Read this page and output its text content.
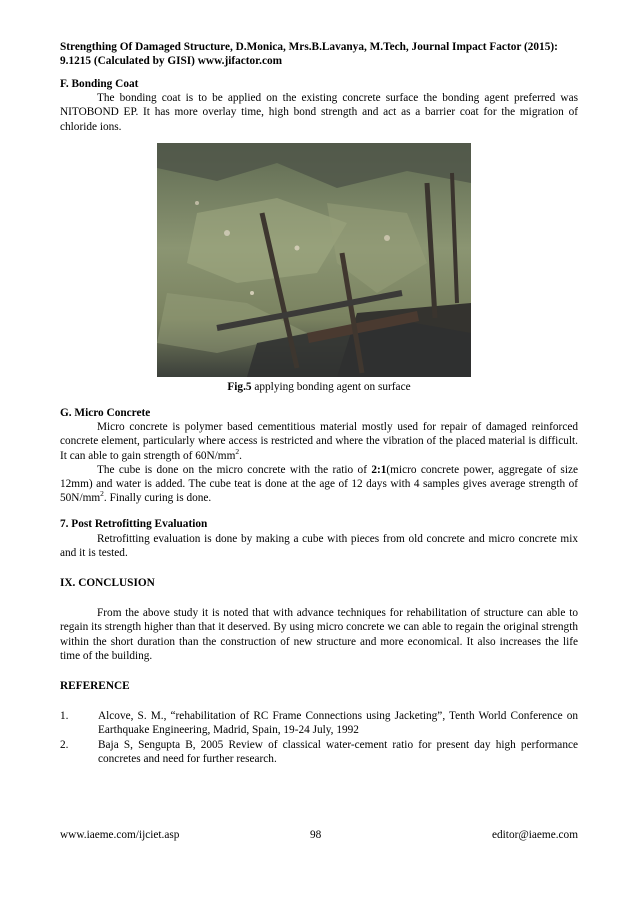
Strengthing Of Damaged Structure, D.Monica, Mrs.B.Lavanya, M.Tech, Journal Impact Factor (2015): 9.1215 (Calculated by GISI) www.jifactor.com
F. Bonding Coat

The bonding coat is to be applied on the existing concrete surface the bonding agent preferred was NITOBOND EP. It has more overlay time, high bond strength and act as a barrier coat for the migration of chloride ions.

Fig.5 applying bonding agent on surface
G. Micro Concrete

Micro concrete is polymer based cementitious material mostly used for repair of damaged reinforced concrete element, particularly where access is restricted and where the vibration of the placed material is difficult. It can able to gain strength of $60N/mm^2$.

The cube is done on the micro concrete with the ratio of 2:1(micro concrete power, aggregate of size 12mm) and water is added. The cube teat is done at the age of 12 days with 4 samples gives average strength of $50N/mm^2$. Finally curing is done.

7. Post Retrofitting Evaluation

Retrofitting evaluation is done by making a cube with pieces from old concrete and micro concrete mix and it is tested.

IX. CONCLUSION

From the above study it is noted that with advance techniques for rehabilitation of structure can able to regain its strength higher than that it deserved. By using micro concrete we can able to regain the original strength within the short duration than the construction of new structure and more economical. It also increases the life time of the building.

REFERENCE
1.	Alcove, S. M., “rehabilitation of RC Frame Connections using Jacketing”, Tenth World Conference on Earthquake Engineering, Madrid, Spain, 19-24 July, 1992
2.	Baja S, Sengupta B, 2005 Review of classical water-cement ratio for present day high performance concretes and need for further research.
www.iaeme.com/ijciet.asp	98	editor@iaeme.com
